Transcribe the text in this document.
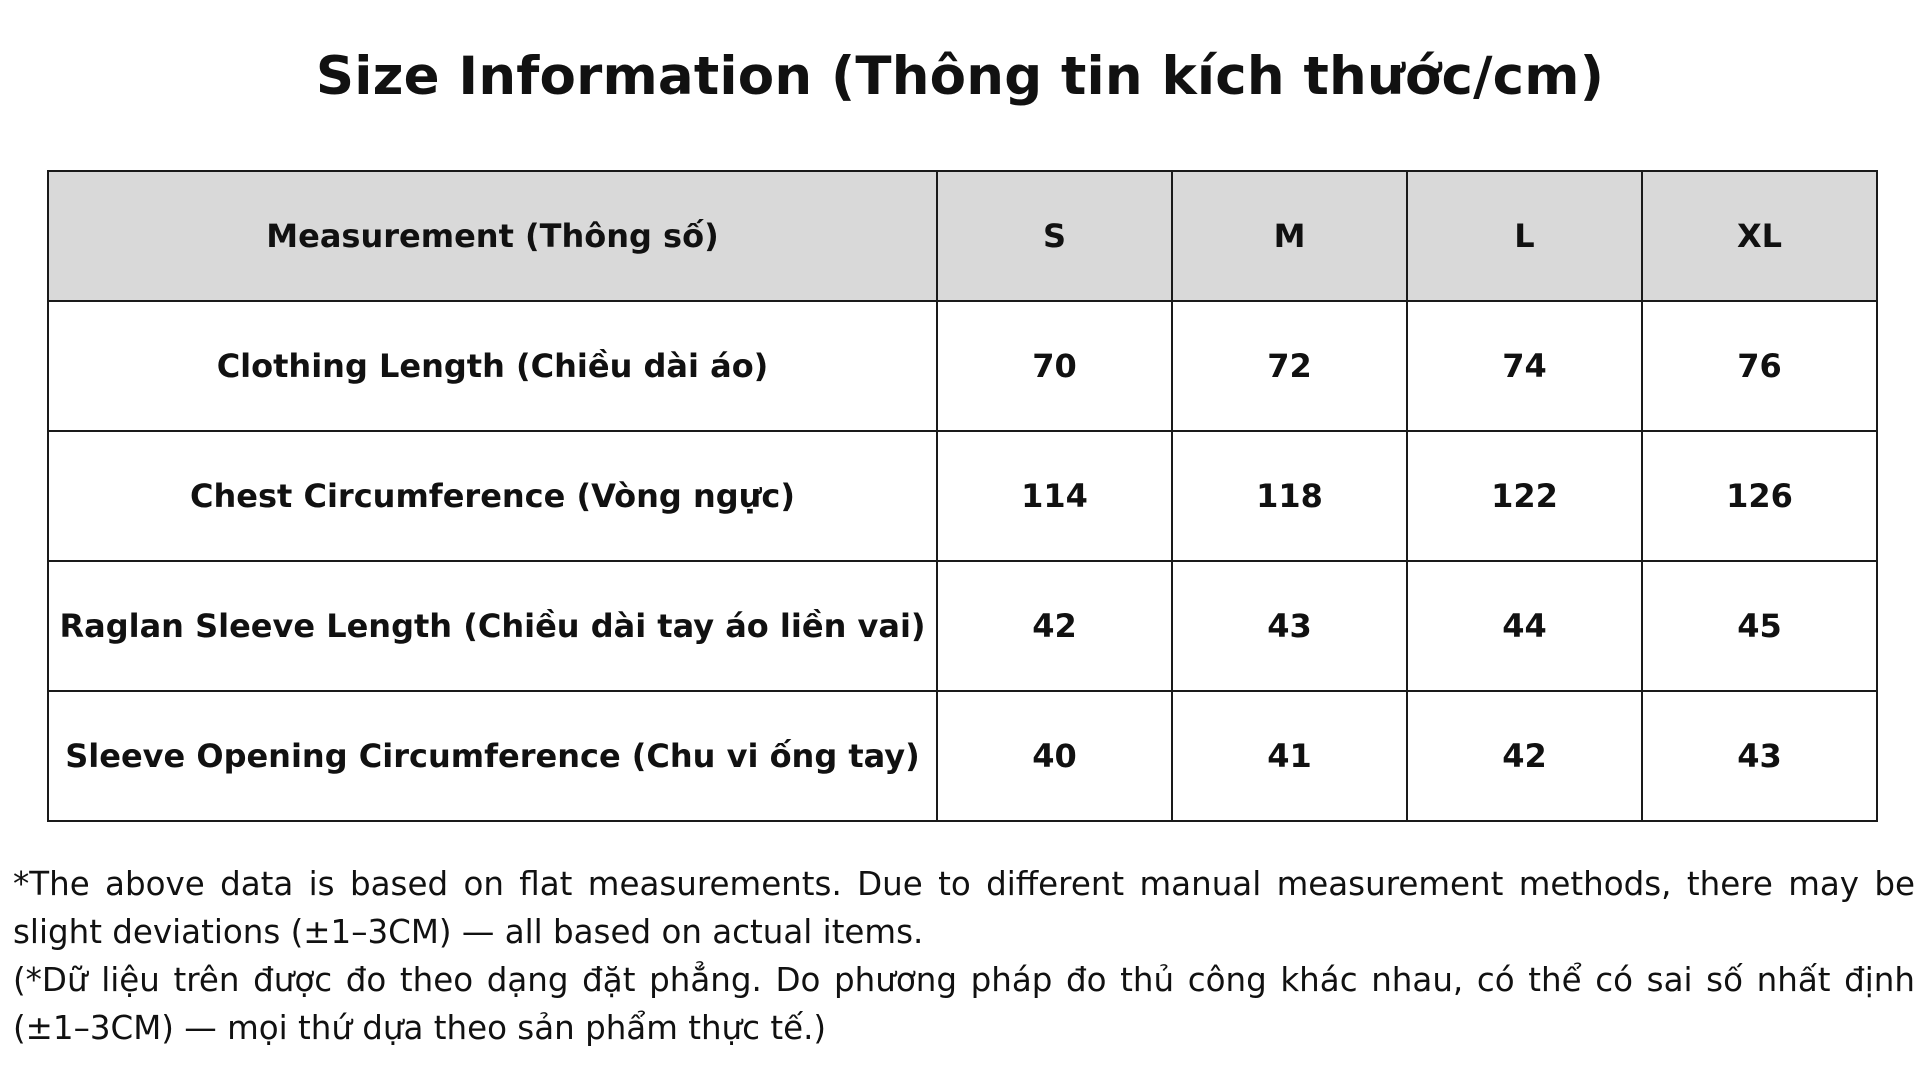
Size Information (Thông tin kích thước/cm)
Measurement (Thông số)	S	M	L	XL
Clothing Length (Chiều dài áo)	70	72	74	76
Chest Circumference (Vòng ngực)	114	118	122	126
Raglan Sleeve Length (Chiều dài tay áo liền vai)	42	43	44	45
Sleeve Opening Circumference (Chu vi ống tay)	40	41	42	43

*The above data is based on flat measurements. Due to different manual measurement methods, there may be slight deviations (±1–3CM) — all based on actual items.

(*Dữ liệu trên được đo theo dạng đặt phẳng. Do phương pháp đo thủ công khác nhau, có thể có sai số nhất định (±1–3CM) — mọi thứ dựa theo sản phẩm thực tế.)
